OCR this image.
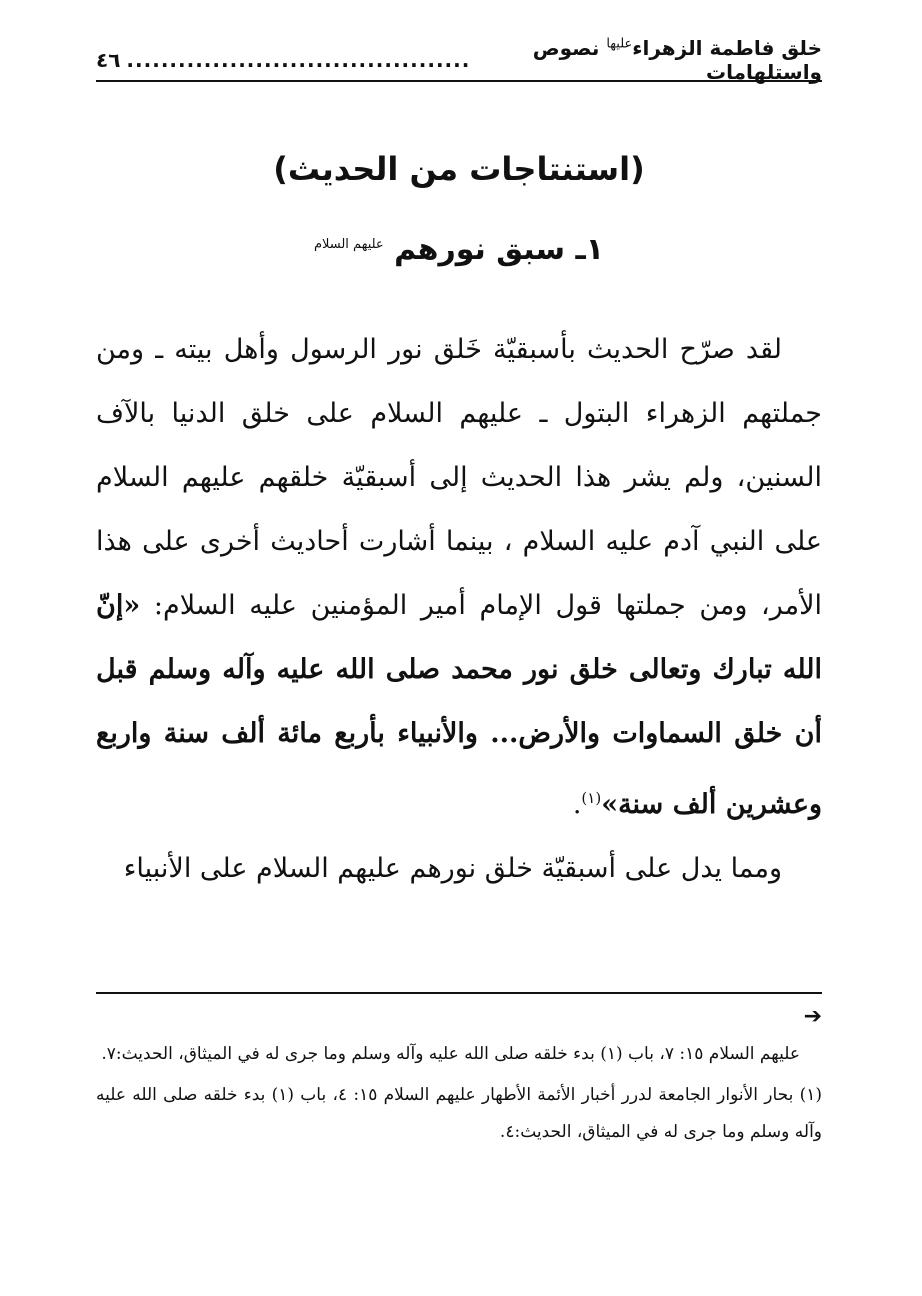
خلق فاطمة الزهراء$^{عليها}$ نصوص واستلهامات
........................................
٤٦
(استنتاجات من الحديث)
١ـ سبق نورهم $^{عليهم السلام}$

لقد صرّح الحديث بأسبقيّة خَلق نور الرسول وأهل بيته ـ ومن جملتهم الزهراء البتول ـ عليهم السلام على خلق الدنيا بالآف السنين، ولم يشر هذا الحديث إلى أسبقيّة خلقهم عليهم السلام على النبي آدم عليه السلام ، بينما أشارت أحاديث أخرى على هذا الأمر، ومن جملتها قول الإمام أمير المؤمنين عليه السلام: «إنّ الله تبارك وتعالى خلق نور محمد صلى الله عليه وآله وسلم قبل أن خلق السماوات والأرض... والأنبياء بأربع مائة ألف سنة واربع وعشرين ألف سنة»$^{(١)}$.

ومما يدل على أسبقيّة خلق نورهم عليهم السلام على الأنبياء

➔

عليهم السلام ١٥: ٧، باب (١) بدء خلقه صلى الله عليه وآله وسلم وما جرى له في الميثاق، الحديث:٧.

(١) بحار الأنوار الجامعة لدرر أخبار الأئمة الأطهار عليهم السلام ١٥: ٤، باب (١) بدء خلقه صلى الله عليه وآله وسلم وما جرى له في الميثاق، الحديث:٤.
